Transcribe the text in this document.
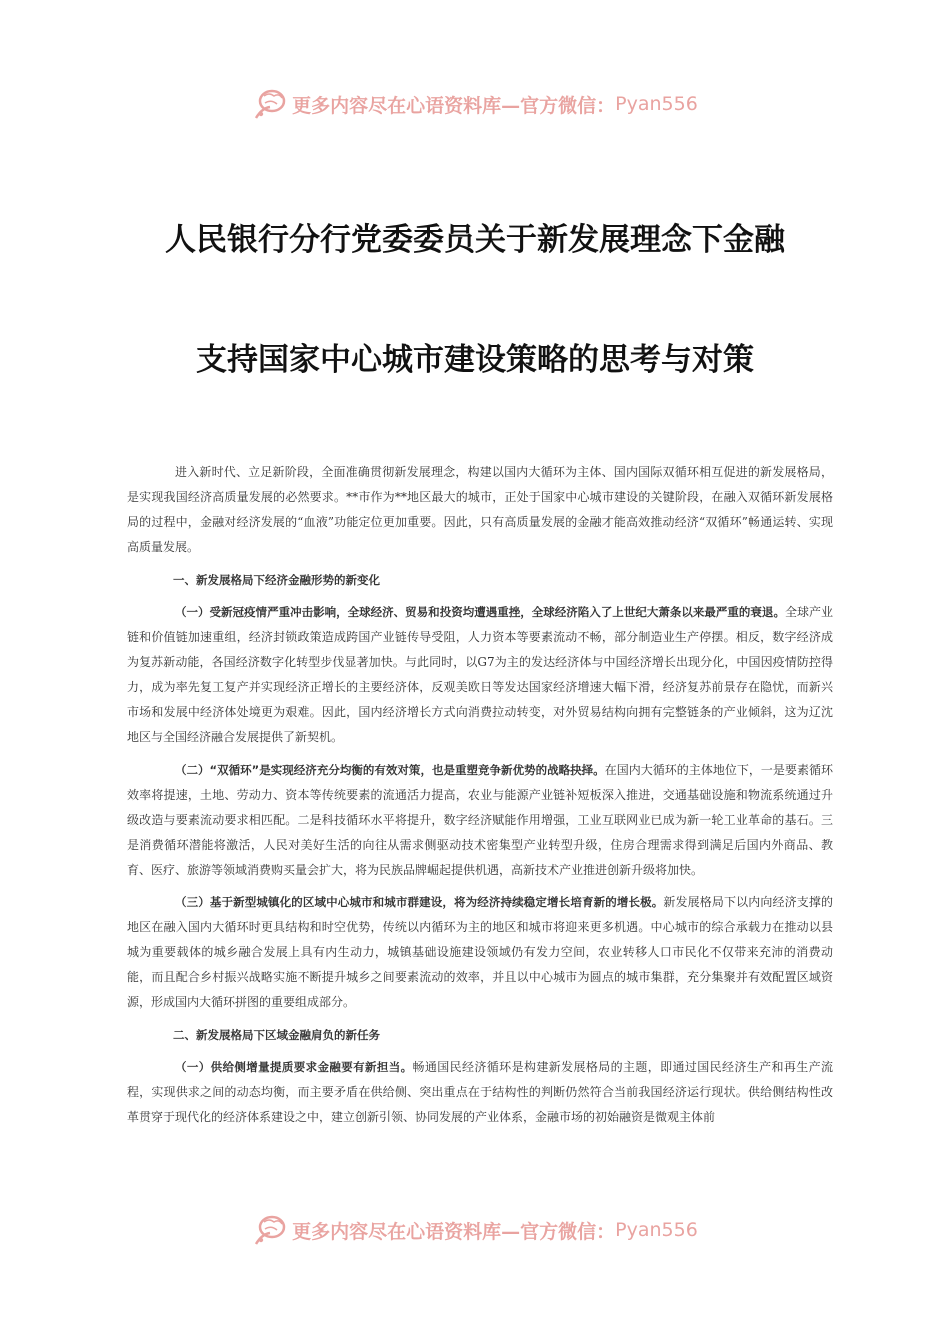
更多内容尽在心语资料库—官方微信： Pyan556
人民银行分行党委委员关于新发展理念下金融
支持国家中心城市建设策略的思考与对策

进入新时代、立足新阶段，全面准确贯彻新发展理念，构建以国内大循环为主体、国内国际双循环相互促进的新发展格局，是实现我国经济高质量发展的必然要求。**市作为**地区最大的城市，正处于国家中心城市建设的关键阶段，在融入双循环新发展格局的过程中，金融对经济发展的“血液”功能定位更加重要。因此，只有高质量发展的金融才能高效推动经济“双循环”畅通运转、实现高质量发展。

一、新发展格局下经济金融形势的新变化

（一）受新冠疫情严重冲击影响，全球经济、贸易和投资均遭遇重挫，全球经济陷入了上世纪大萧条以来最严重的衰退。全球产业链和价值链加速重组，经济封锁政策造成跨国产业链传导受阻，人力资本等要素流动不畅，部分制造业生产停摆。相反，数字经济成为复苏新动能，各国经济数字化转型步伐显著加快。与此同时，以G7为主的发达经济体与中国经济增长出现分化，中国因疫情防控得力，成为率先复工复产并实现经济正增长的主要经济体，反观美欧日等发达国家经济增速大幅下滑，经济复苏前景存在隐忧，而新兴市场和发展中经济体处境更为艰难。因此，国内经济增长方式向消费拉动转变，对外贸易结构向拥有完整链条的产业倾斜，这为辽沈地区与全国经济融合发展提供了新契机。

（二）“双循环”是实现经济充分均衡的有效对策，也是重塑竞争新优势的战略抉择。在国内大循环的主体地位下，一是要素循环效率将提速，土地、劳动力、资本等传统要素的流通活力提高，农业与能源产业链补短板深入推进，交通基础设施和物流系统通过升级改造与要素流动要求相匹配。二是科技循环水平将提升，数字经济赋能作用增强，工业互联网业已成为新一轮工业革命的基石。三是消费循环潜能将激活，人民对美好生活的向往从需求侧驱动技术密集型产业转型升级，住房合理需求得到满足后国内外商品、教育、医疗、旅游等领域消费购买量会扩大，将为民族品牌崛起提供机遇，高新技术产业推进创新升级将加快。

（三）基于新型城镇化的区域中心城市和城市群建设，将为经济持续稳定增长培育新的增长极。新发展格局下以内向经济支撑的地区在融入国内大循环时更具结构和时空优势，传统以内循环为主的地区和城市将迎来更多机遇。中心城市的综合承载力在推动以县城为重要载体的城乡融合发展上具有内生动力，城镇基础设施建设领域仍有发力空间，农业转移人口市民化不仅带来充沛的消费动能，而且配合乡村振兴战略实施不断提升城乡之间要素流动的效率，并且以中心城市为圆点的城市集群，充分集聚并有效配置区域资源，形成国内大循环拼图的重要组成部分。

二、新发展格局下区域金融肩负的新任务

（一）供给侧增量提质要求金融要有新担当。畅通国民经济循环是构建新发展格局的主题，即通过国民经济生产和再生产流程，实现供求之间的动态均衡，而主要矛盾在供给侧、突出重点在于结构性的判断仍然符合当前我国经济运行现状。供给侧结构性改革贯穿于现代化的经济体系建设之中，建立创新引领、协同发展的产业体系，金融市场的初始融资是微观主体前

更多内容尽在心语资料库—官方微信： Pyan556
